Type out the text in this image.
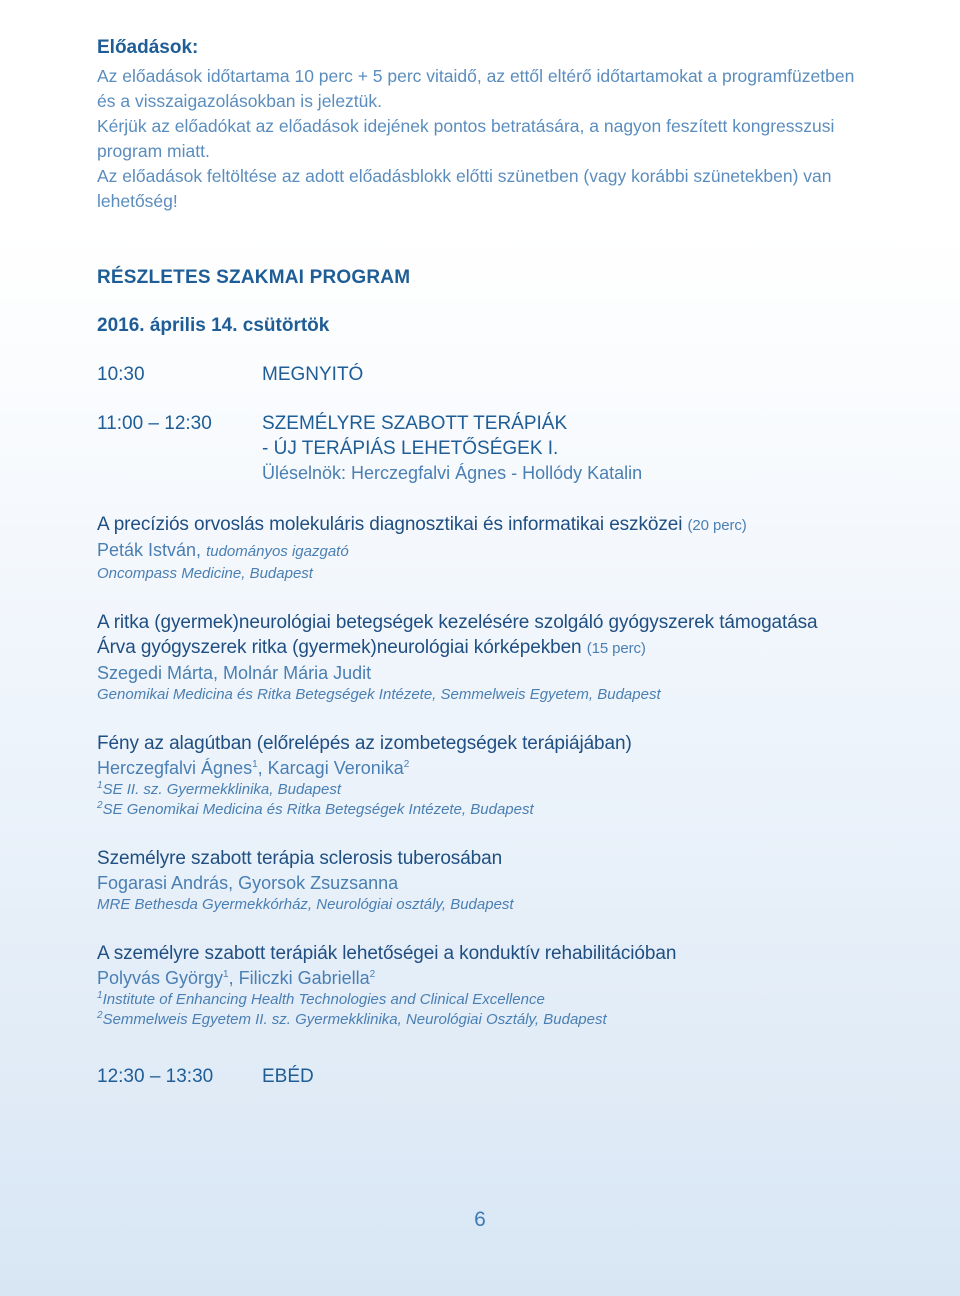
Előadások:

Az előadások időtartama 10 perc + 5 perc vitaidő, az ettől eltérő időtartamokat a programfüzetben és a visszaigazolásokban is jeleztük.

Kérjük az előadókat az előadások idejének pontos betratására, a nagyon feszített kongresszusi program miatt.

Az előadások feltöltése az adott előadásblokk előtti szünetben (vagy korábbi szünetekben) van lehetőség!

RÉSZLETES SZAKMAI PROGRAM
2016. április 14. csütörtök
10:30	MEGNYITÓ
11:00 – 12:30	SZEMÉLYRE SZABOTT TERÁPIÁK
- ÚJ TERÁPIÁS LEHETŐSÉGEK I.
Üléselnök: Herczegfalvi Ágnes - Hollódy Katalin
A precíziós orvoslás molekuláris diagnosztikai és informatikai eszközei (20 perc)
Peták István, tudományos igazgató
Oncompass Medicine, Budapest
A ritka (gyermek)neurológiai betegségek kezelésére szolgáló gyógyszerek támogatása
Árva gyógyszerek ritka (gyermek)neurológiai kórképekben (15 perc)
Szegedi Márta, Molnár Mária Judit
Genomikai Medicina és Ritka Betegségek Intézete, Semmelweis Egyetem, Budapest
Fény az alagútban (előrelépés az izombetegségek terápiájában)
Herczegfalvi Ágnes$^1$, Karcagi Veronika$^2$
$^1$SE II. sz. Gyermekklinika, Budapest
$^2$SE Genomikai Medicina és Ritka Betegségek Intézete, Budapest
Személyre szabott terápia sclerosis tuberosában
Fogarasi András, Gyorsok Zsuzsanna
MRE Bethesda Gyermekkórház, Neurológiai osztály, Budapest
A személyre szabott terápiák lehetőségei a konduktív rehabilitációban
Polyvás György$^1$, Filiczki Gabriella$^2$
$^1$Institute of Enhancing Health Technologies and Clinical Excellence
$^2$Semmelweis Egyetem II. sz. Gyermekklinika, Neurológiai Osztály, Budapest
12:30 – 13:30	EBÉD
6
